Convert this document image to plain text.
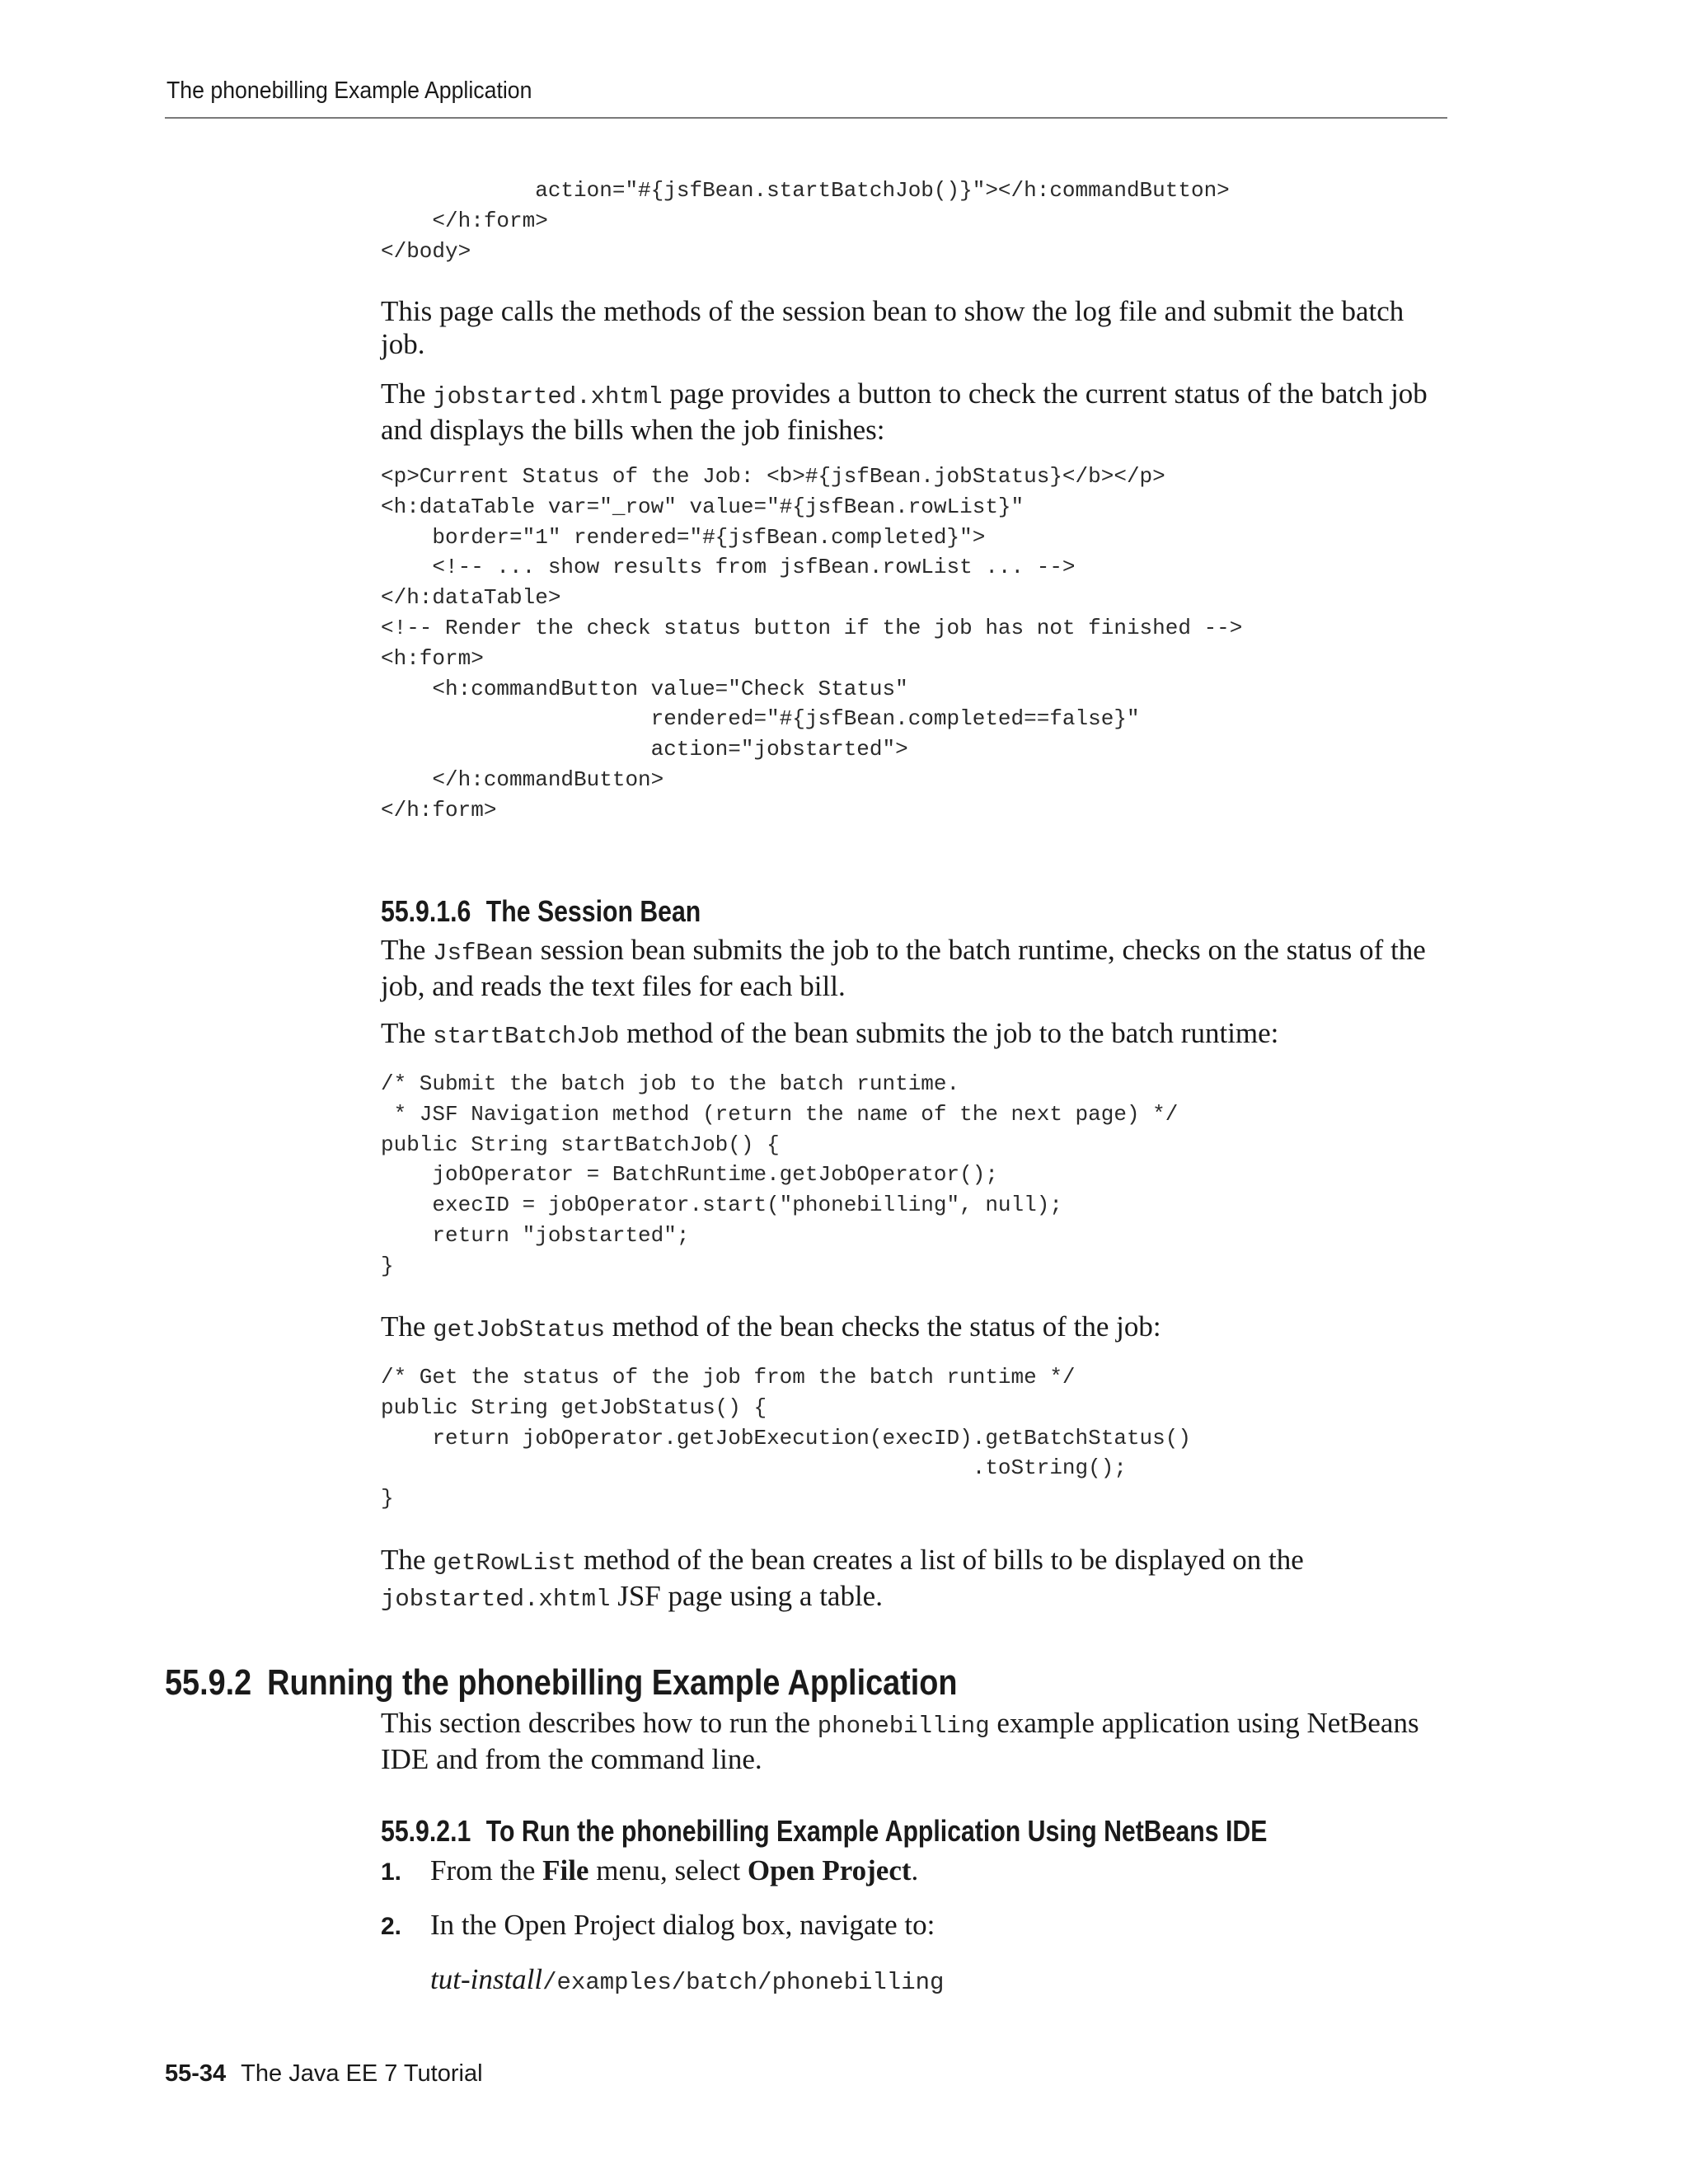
The phonebilling Example Application
action="#{jsfBean.startBatchJob()}"></h:commandButton>
</h:form>
</body>

This page calls the methods of the session bean to show the log file and submit the batch job.

The jobstarted.xhtml page provides a button to check the current status of the batch job and displays the bills when the job finishes:

<p>Current Status of the Job: <b>#{jsfBean.jobStatus}</b></p>
<h:dataTable var="_row" value="#{jsfBean.rowList}"
border="1" rendered="#{jsfBean.completed}">
<!-- ... show results from jsfBean.rowList ... -->
</h:dataTable>
<!-- Render the check status button if the job has not finished -->
<h:form>
<h:commandButton value="Check Status"
rendered="#{jsfBean.completed==false}"
action="jobstarted">
</h:commandButton>
</h:form>
55.9.1.6 The Session Bean

The JsfBean session bean submits the job to the batch runtime, checks on the status of the job, and reads the text files for each bill.

The startBatchJob method of the bean submits the job to the batch runtime:

/* Submit the batch job to the batch runtime.
* JSF Navigation method (return the name of the next page) */
public String startBatchJob() {
jobOperator = BatchRuntime.getJobOperator();
execID = jobOperator.start("phonebilling", null);
return "jobstarted";
}

The getJobStatus method of the bean checks the status of the job:

/* Get the status of the job from the batch runtime */
public String getJobStatus() {
return jobOperator.getJobExecution(execID).getBatchStatus()
.toString();
}

The getRowList method of the bean creates a list of bills to be displayed on the jobstarted.xhtml JSF page using a table.

This section describes how to run the phonebilling example application using NetBeans IDE and from the command line.

55.9.2.1 To Run the phonebilling Example Application Using NetBeans IDE

1. From the File menu, select Open Project.

2. In the Open Project dialog box, navigate to:

tut-install/examples/batch/phonebilling

55.9.2 Running the phonebilling Example Application
55-34 The Java EE 7 Tutorial
